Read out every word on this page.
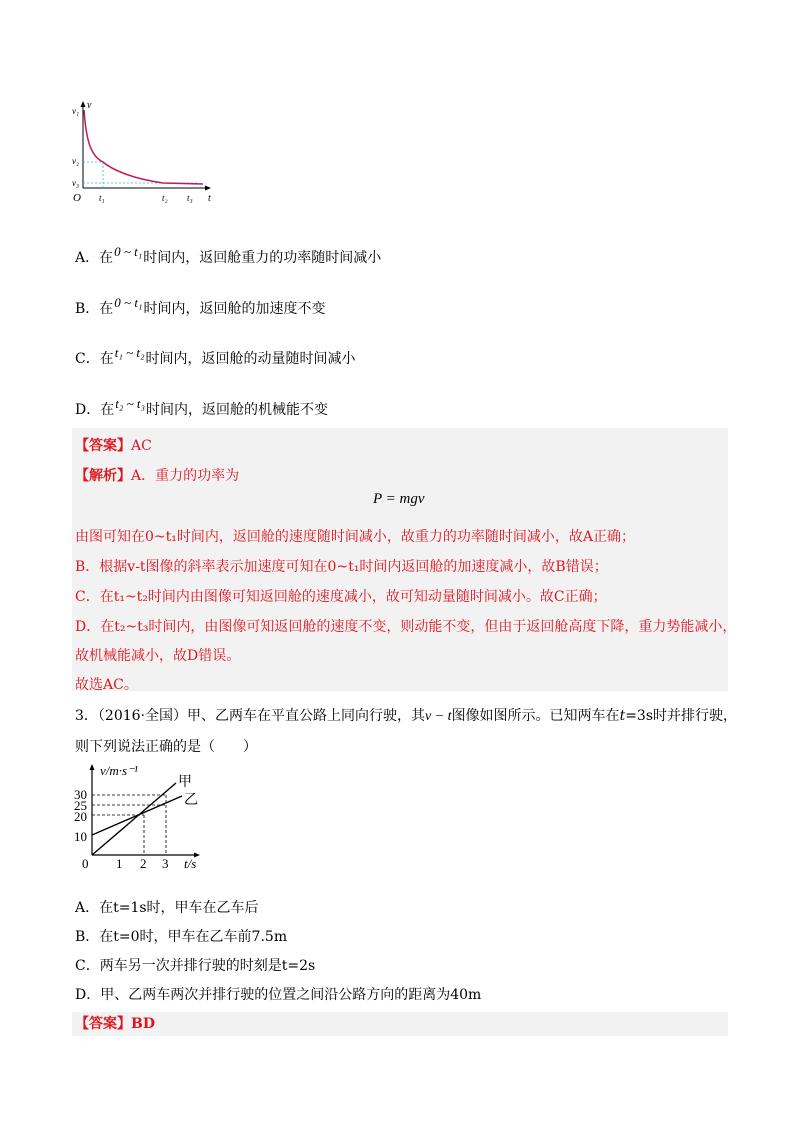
v₁ v
v₂
v₃
O t₁	t₂ t₃ t
A．在0 ~ t₁时间内，返回舱重力的功率随时间减小
B．在0 ~ t₁时间内，返回舱的加速度不变
C．在t₁ ~ t₂时间内，返回舱的动量随时间减小
D．在t₂ ~ t₃时间内，返回舱的机械能不变
【答案】AC
【解析】A．重力的功率为
P = mgv
由图可知在0~t₁时间内，返回舱的速度随时间减小，故重力的功率随时间减小，故A正确；
B．根据v-t图像的斜率表示加速度可知在0~t₁时间内返回舱的加速度减小，故B错误；
C．在t₁~t₂时间内由图像可知返回舱的速度减小，故可知动量随时间减小。故C正确；
D．在t₂~t₃时间内，由图像可知返回舱的速度不变，则动能不变，但由于返回舱高度下降，重力势能减小，
故机械能减小，故D错误。
故选AC。
3．（2016·全国）甲、乙两车在平直公路上同向行驶，其v − t图像如图所示。已知两车在t=3s时并排行驶，
则下列说法正确的是（　　）
30
25
20
10
0 1 2 3 t/s
v/m·s⁻¹
甲
乙
A．在t=1s时，甲车在乙车后
B．在t=0时，甲车在乙车前7.5m
C．两车另一次并排行驶的时刻是t=2s
D．甲、乙两车两次并排行驶的位置之间沿公路方向的距离为40m
【答案】BD
